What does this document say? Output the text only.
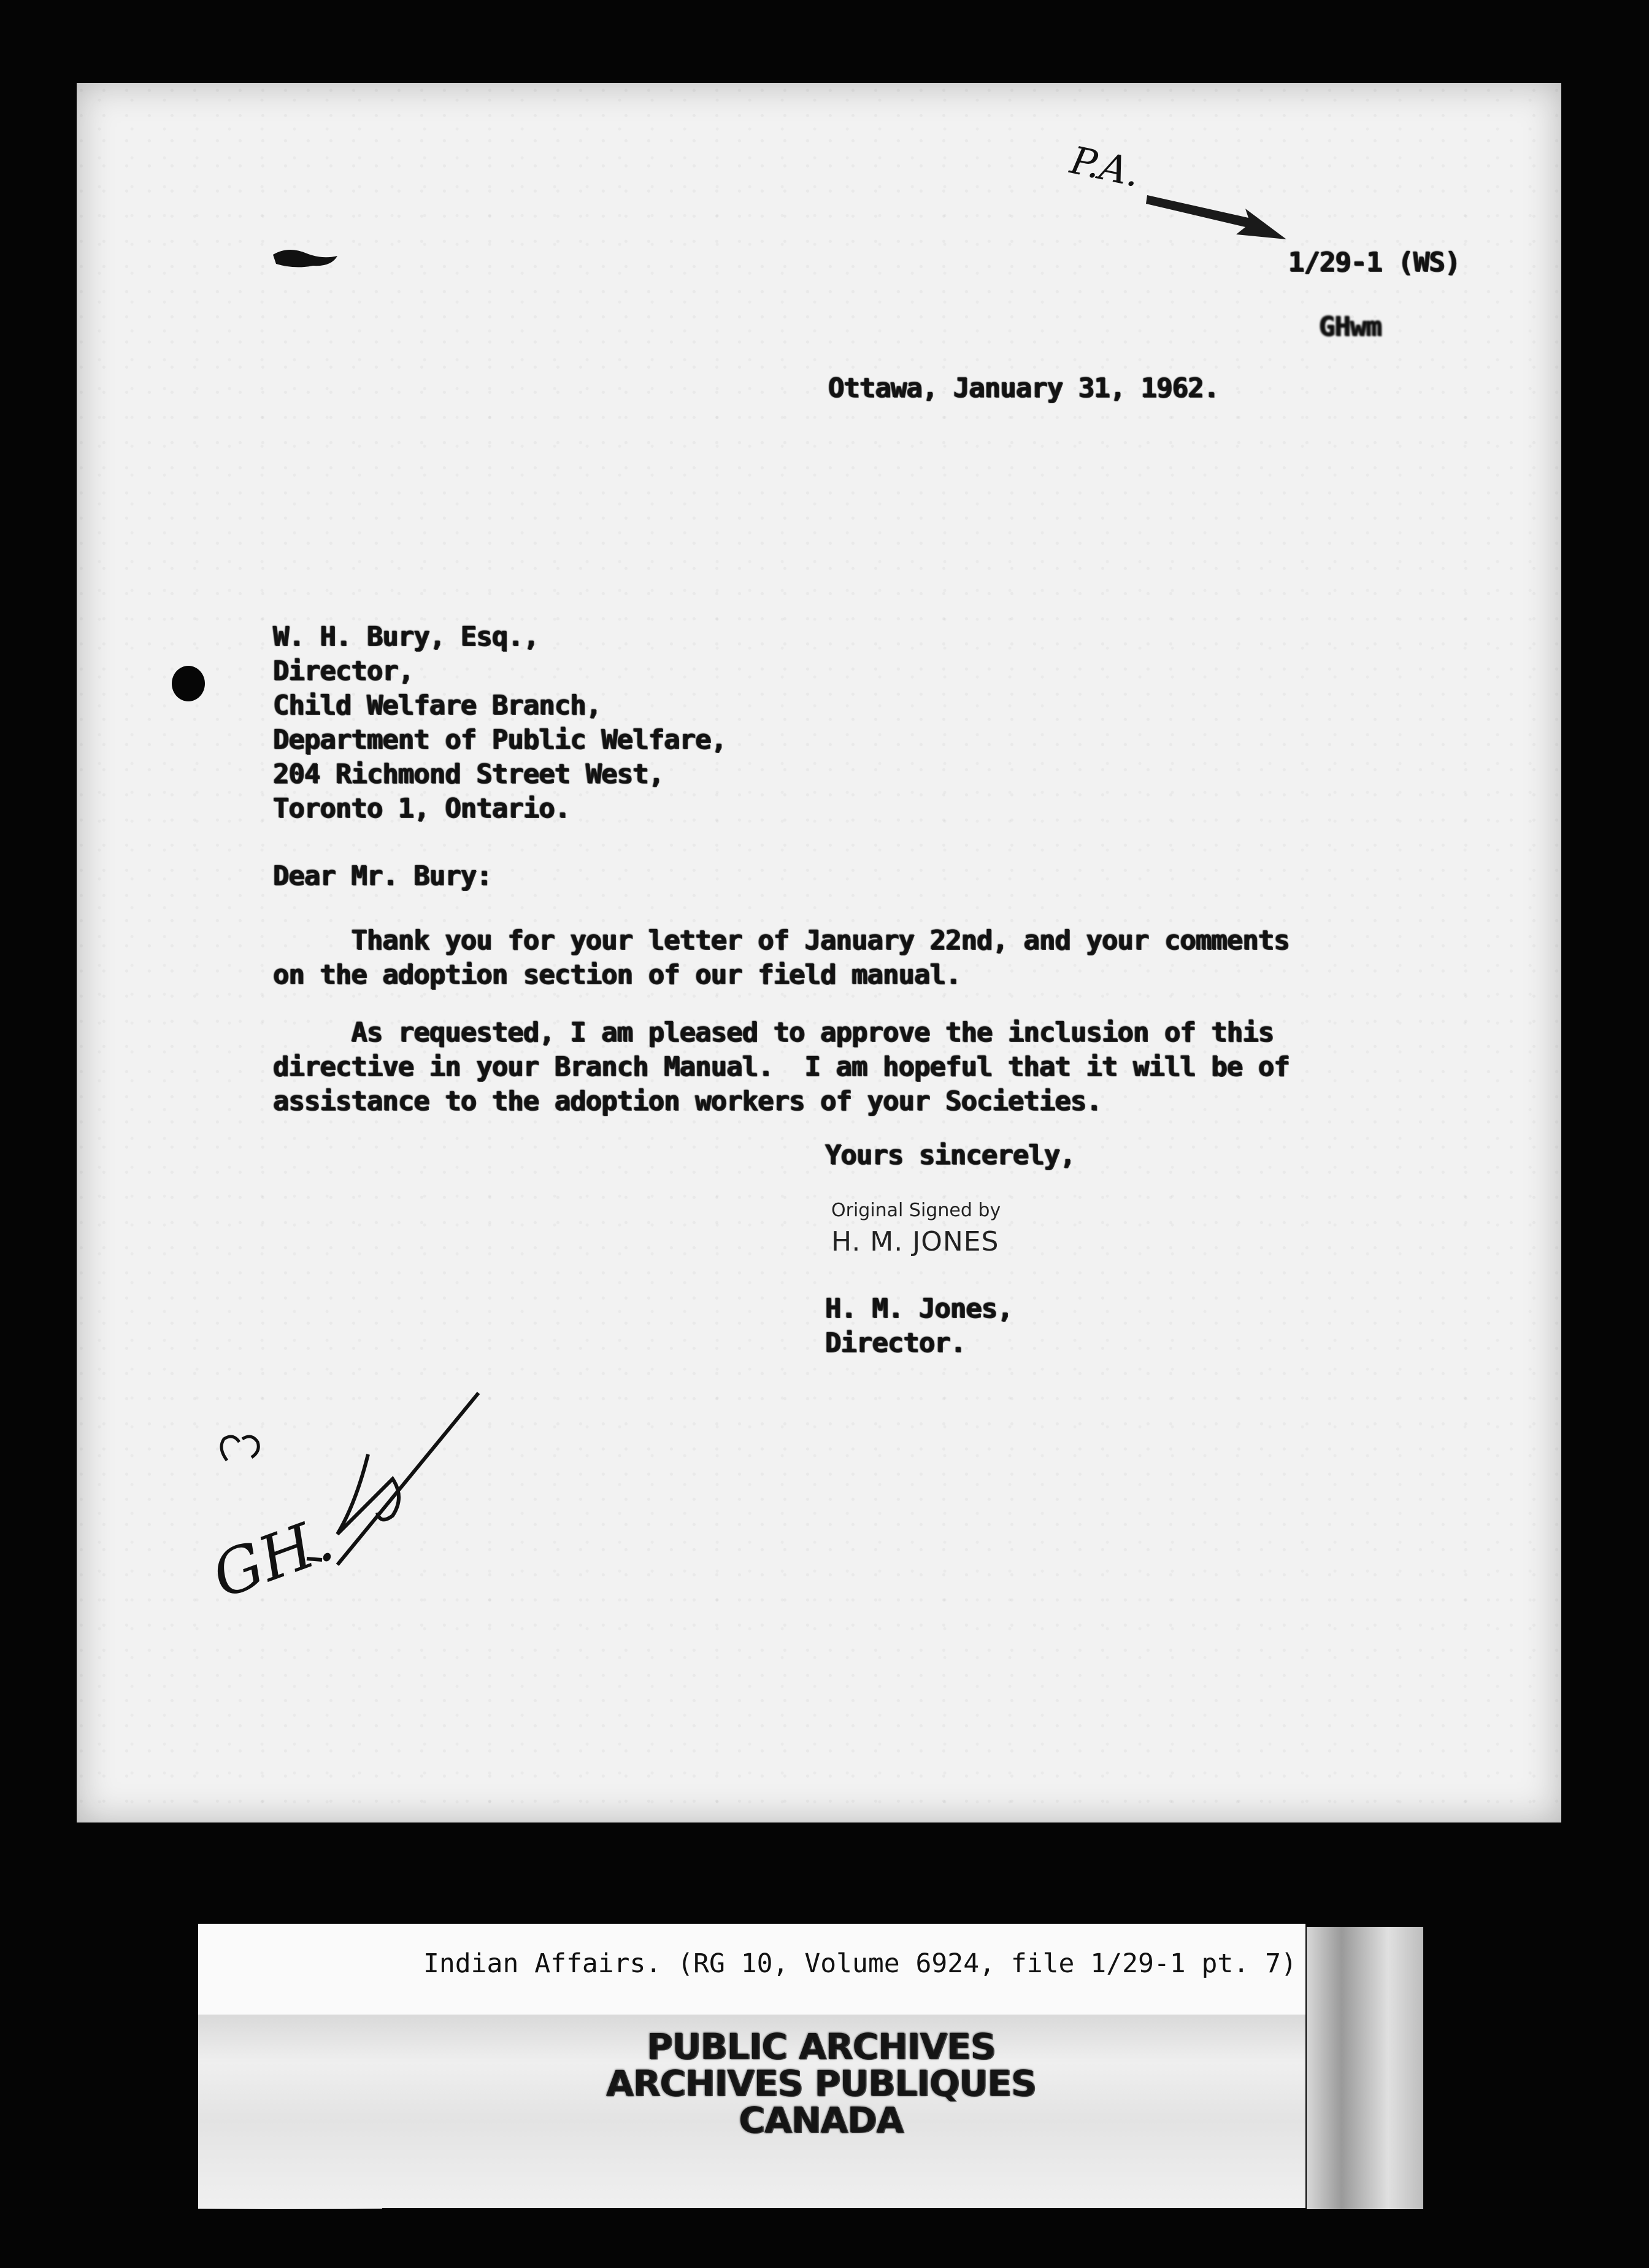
P.A.
1/29-1 (WS)
GHwm
Ottawa, January 31, 1962.
W. H. Bury, Esq.,
Director,
Child Welfare Branch,
Department of Public Welfare,
204 Richmond Street West,
Toronto 1, Ontario.
Dear Mr. Bury:
Thank you for your letter of January 22nd, and your comments
on the adoption section of our field manual.
As requested, I am pleased to approve the inclusion of this
directive in your Branch Manual.  I am hopeful that it will be of
assistance to the adoption workers of your Societies.
Yours sincerely,
Original Signed by
H. M. JONES
H. M. Jones,
Director.
GH.
Indian Affairs. (RG 10, Volume 6924, file 1/29-1 pt. 7)
PUBLIC ARCHIVES
ARCHIVES PUBLIQUES
CANADA
